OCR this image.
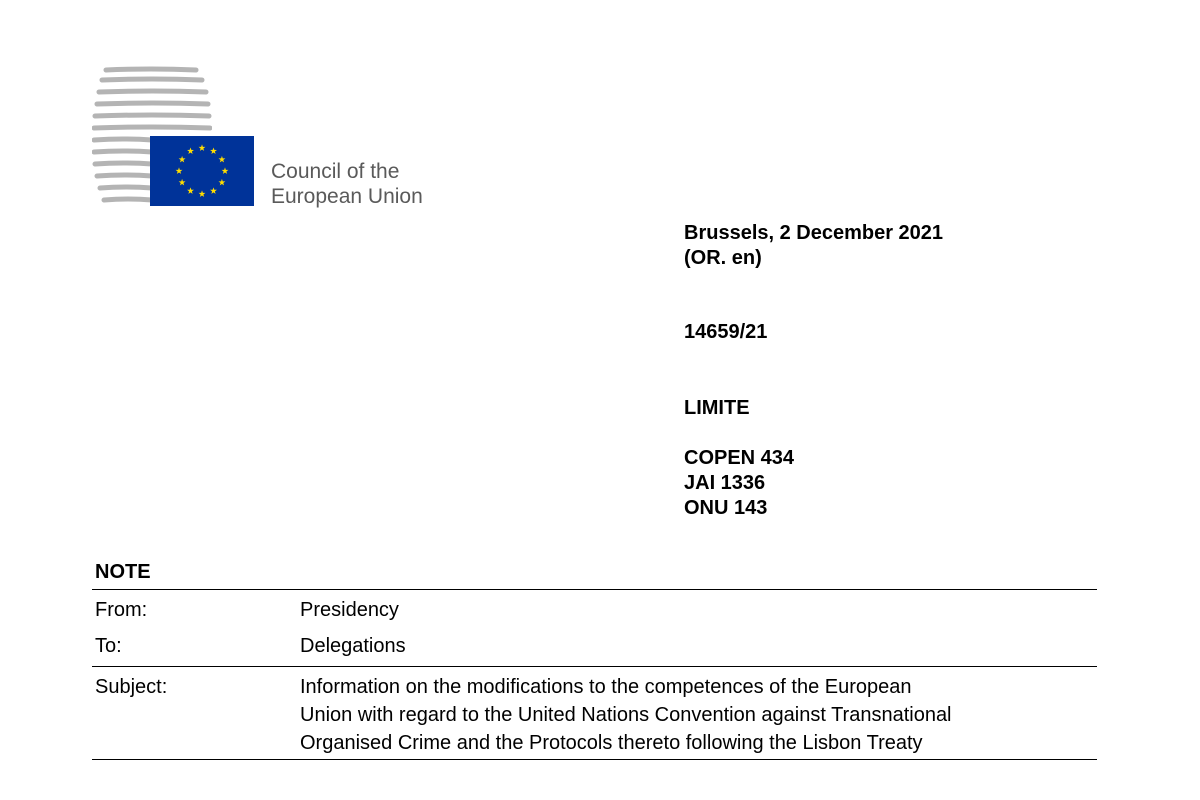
Council of the
European Union
Brussels, 2 December 2021
(OR. en)
14659/21
LIMITE
COPEN 434
JAI 1336
ONU 143
NOTE
From:	Presidency
To:	Delegations
Subject:	Information on the modifications to the competences of the European
Union with regard to the United Nations Convention against Transnational
Organised Crime and the Protocols thereto following the Lisbon Treaty
